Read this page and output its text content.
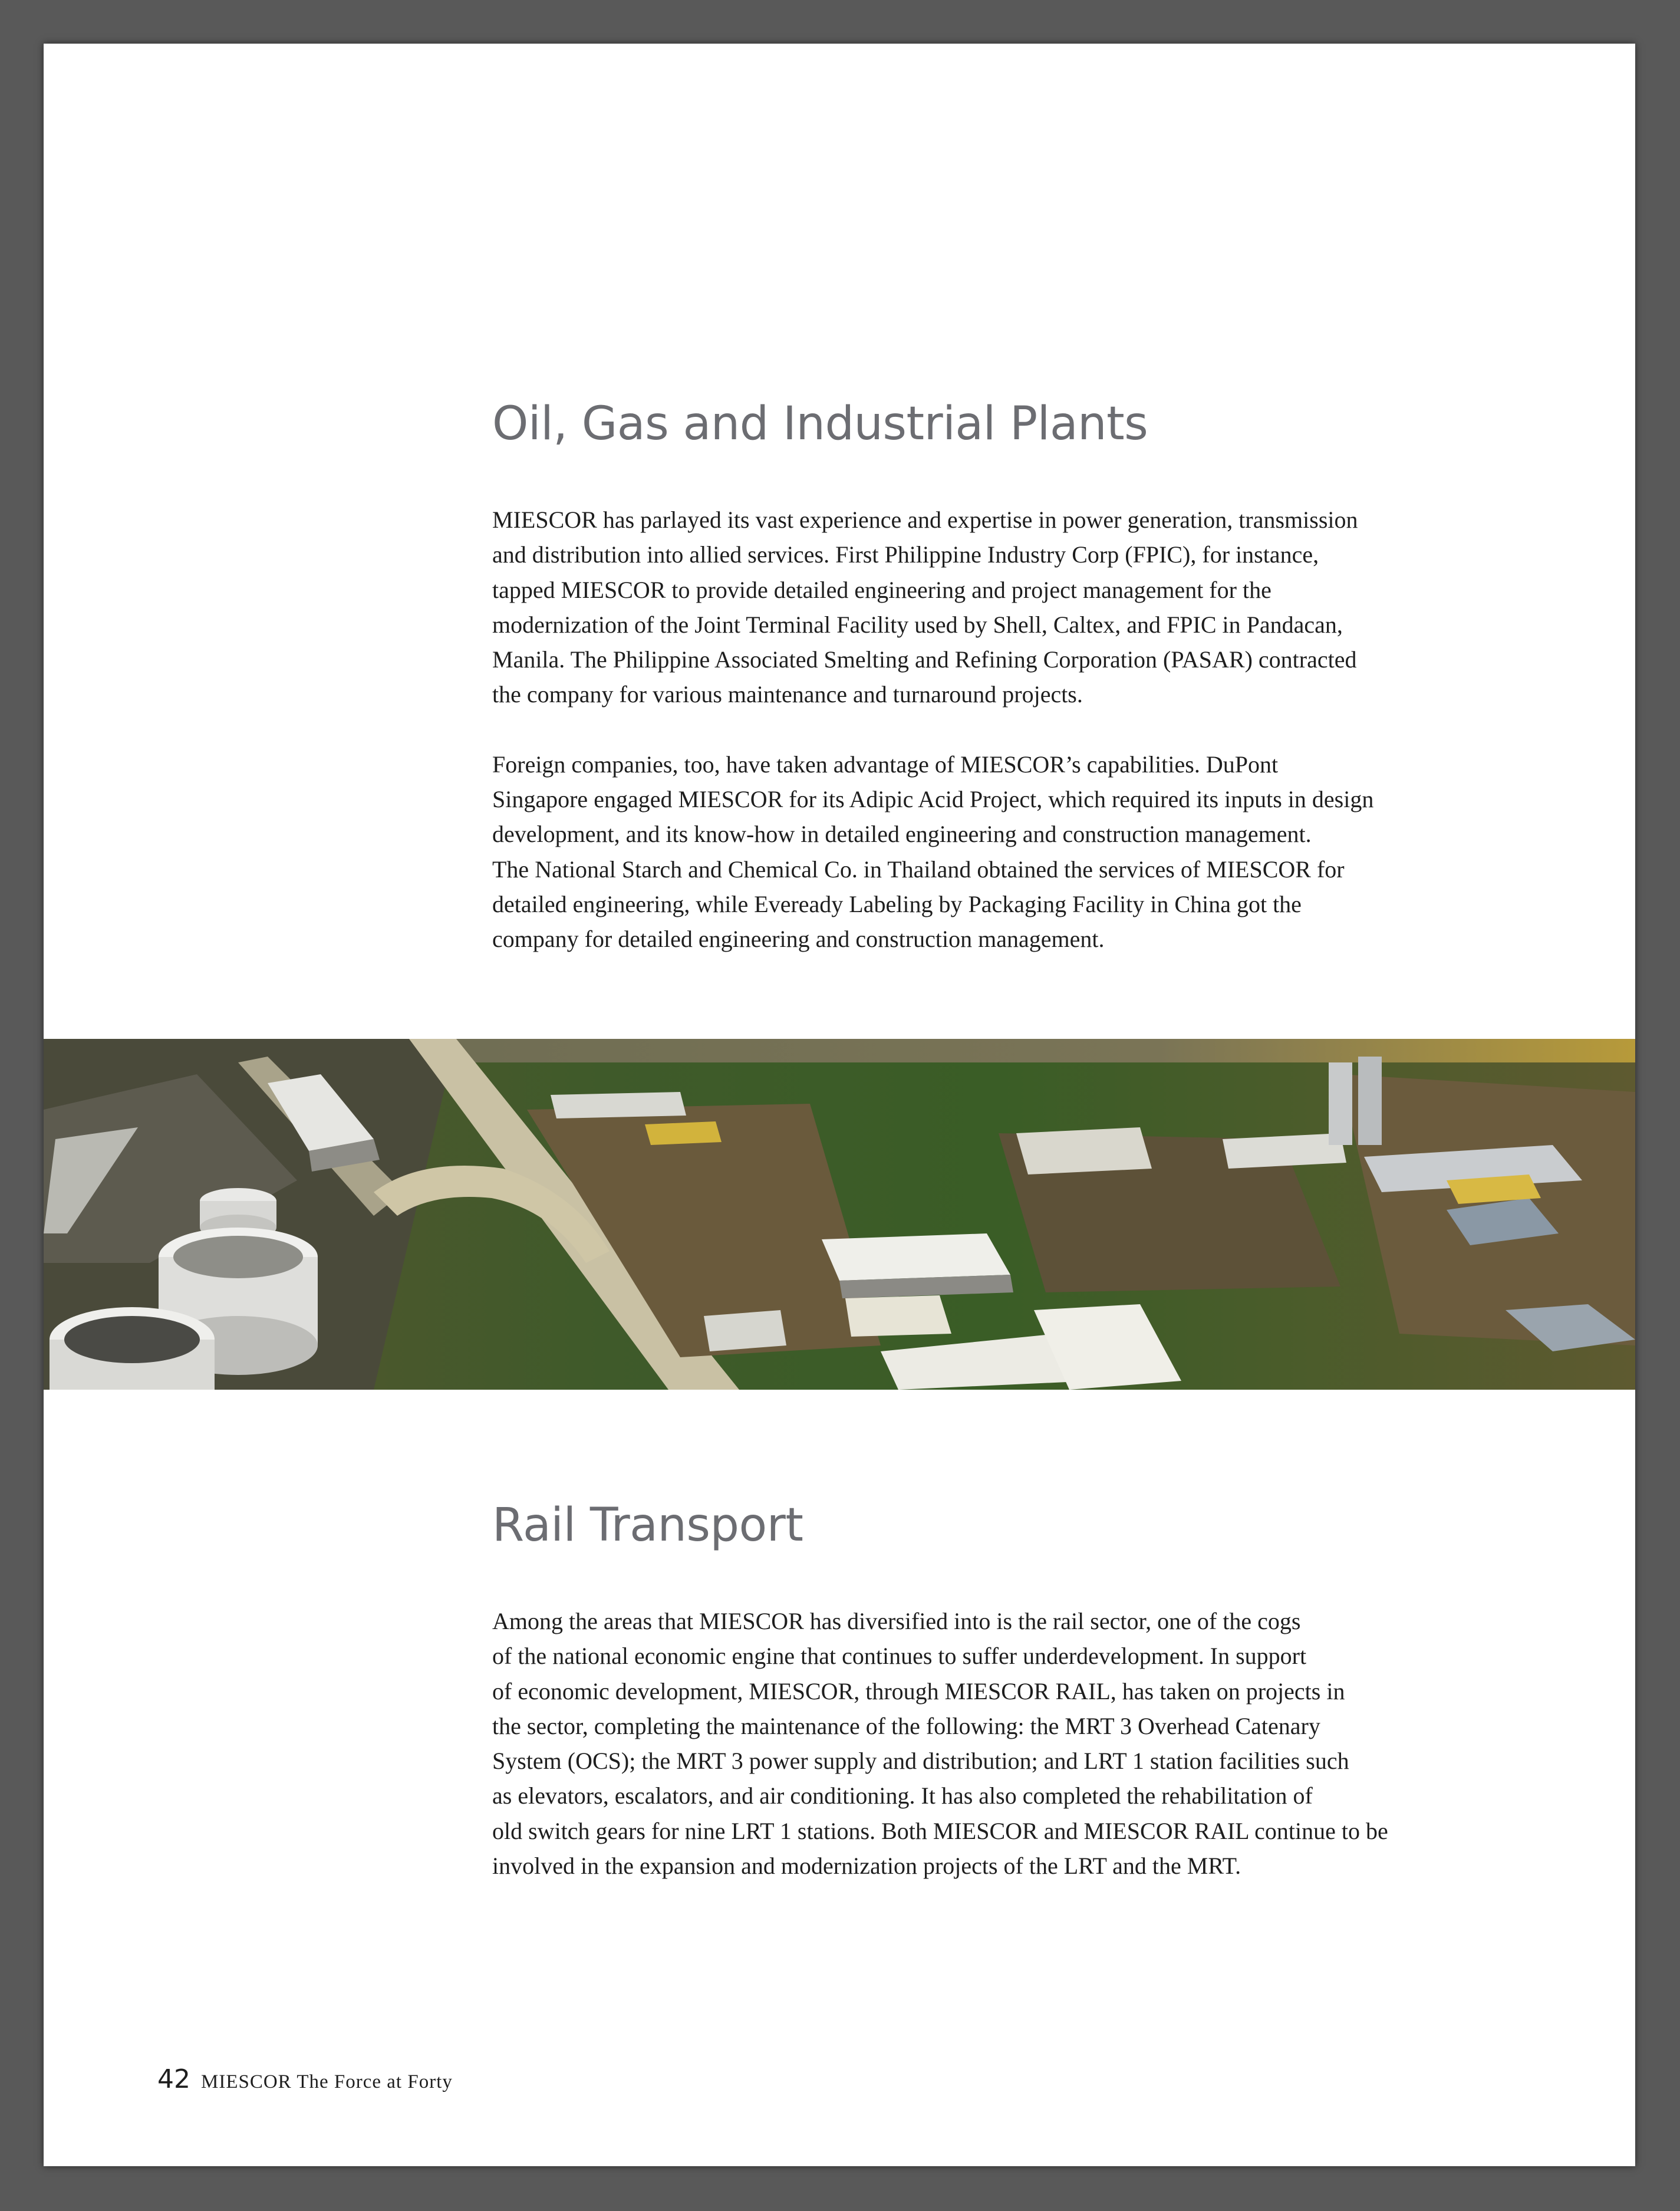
Oil, Gas and Industrial Plants

MIESCOR has parlayed its vast experience and expertise in power generation, transmission
and distribution into allied services. First Philippine Industry Corp (FPIC), for instance,
tapped MIESCOR to provide detailed engineering and project management for the
modernization of the Joint Terminal Facility used by Shell, Caltex, and FPIC in Pandacan,
Manila. The Philippine Associated Smelting and Refining Corporation (PASAR) contracted
the company for various maintenance and turnaround projects.

Foreign companies, too, have taken advantage of MIESCOR’s capabilities. DuPont
Singapore engaged MIESCOR for its Adipic Acid Project, which required its inputs in design
development, and its know-how in detailed engineering and construction management.
The National Starch and Chemical Co. in Thailand obtained the services of MIESCOR for
detailed engineering, while Eveready Labeling by Packaging Facility in China got the
company for detailed engineering and construction management.

Rail Transport

Among the areas that MIESCOR has diversified into is the rail sector, one of the cogs
of the national economic engine that continues to suffer underdevelopment. In support
of economic development, MIESCOR, through MIESCOR RAIL, has taken on projects in
the sector, completing the maintenance of the following: the MRT 3 Overhead Catenary
System (OCS); the MRT 3 power supply and distribution; and LRT 1 station facilities such
as elevators, escalators, and air conditioning. It has also completed the rehabilitation of
old switch gears for nine LRT 1 stations. Both MIESCOR and MIESCOR RAIL continue to be
involved in the expansion and modernization projects of the LRT and the MRT.

42 MIESCOR The Force at Forty
